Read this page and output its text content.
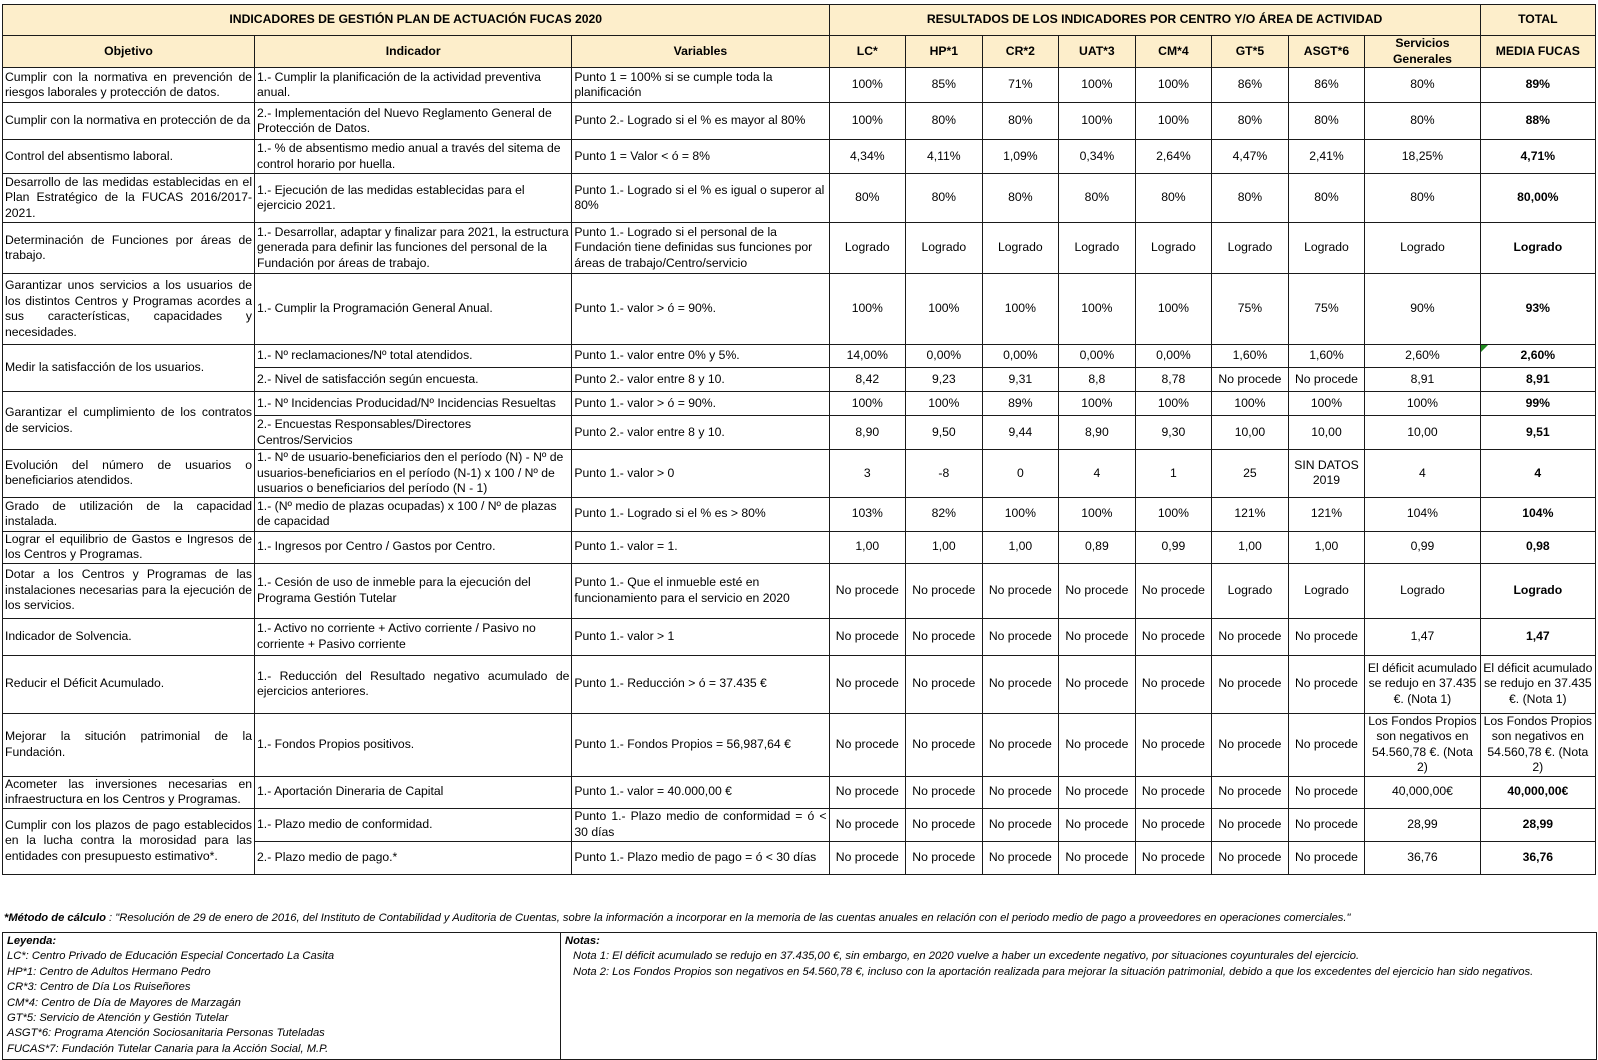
INDICADORES DE GESTIÓN PLAN DE ACTUACIÓN FUCAS 2020			RESULTADOS DE LOS INDICADORES POR CENTRO Y/O ÁREA DE ACTIVIDAD								TOTAL
Objetivo	Indicador	Variables	LC*	HP*1	CR*2	UAT*3	CM*4	GT*5	ASGT*6	Servicios Generales	MEDIA FUCAS
Cumplir con la normativa en prevención de riesgos laborales y protección de datos.	1.- Cumplir la planificación de la actividad preventiva anual.	Punto 1 = 100% si se cumple toda la planificación	100%	85%	71%	100%	100%	86%	86%	80%	89%
Cumplir con la normativa en protección de da	2.- Implementación del Nuevo Reglamento General de Protección de Datos.	Punto 2.- Logrado si el % es mayor al 80%	100%	80%	80%	100%	100%	80%	80%	80%	88%
Control del absentismo laboral.	1.- % de absentismo medio anual a través del sitema de control horario por huella.	Punto 1 = Valor < ó = 8%	4,34%	4,11%	1,09%	0,34%	2,64%	4,47%	2,41%	18,25%	4,71%
Desarrollo de las medidas establecidas en el Plan Estratégico de la FUCAS 2016/2017-2021.	1.- Ejecución de las medidas establecidas para el ejercicio 2021.	Punto 1.- Logrado si el % es igual o superor al 80%	80%	80%	80%	80%	80%	80%	80%	80%	80,00%
Determinación de Funciones por áreas de trabajo.	1.- Desarrollar, adaptar y finalizar para 2021, la estructura generada para definir las funciones del personal de la Fundación por áreas de trabajo.	Punto 1.- Logrado si el personal de la Fundación tiene definidas sus funciones por áreas de trabajo/Centro/servicio	Logrado	Logrado	Logrado	Logrado	Logrado	Logrado	Logrado	Logrado	Logrado
Garantizar unos servicios a los usuarios de los distintos Centros y Programas acordes a sus características, capacidades y necesidades.	1.- Cumplir la Programación General Anual.	Punto 1.- valor > ó = 90%.	100%	100%	100%	100%	100%	75%	75%	90%	93%
Medir la satisfacción de los usuarios.	1.- Nº reclamaciones/Nº total atendidos.	Punto 1.- valor entre 0% y 5%.	14,00%	0,00%	0,00%	0,00%	0,00%	1,60%	1,60%	2,60%	2,60%
	2.- Nivel de satisfacción según encuesta.	Punto 2.- valor entre 8 y 10.	8,42	9,23	9,31	8,8	8,78	No procede	No procede	8,91	8,91
Garantizar el cumplimiento de los contratos de servicios.	1.- Nº Incidencias Producidad/Nº Incidencias Resueltas	Punto 1.- valor > ó = 90%.	100%	100%	89%	100%	100%	100%	100%	100%	99%
	2.- Encuestas Responsables/Directores Centros/Servicios	Punto 2.- valor entre 8 y 10.	8,90	9,50	9,44	8,90	9,30	10,00	10,00	10,00	9,51
Evolución del número de usuarios o beneficiarios atendidos.	1.- Nº de usuario-beneficiarios den el período (N) - Nº de usuarios-beneficiarios en el período (N-1) x 100 / Nº de usuarios o beneficiarios del período (N - 1)	Punto 1.- valor > 0	3	-8	0	4	1	25	SIN DATOS 2019	4	4
Grado de utilización de la capacidad instalada.	1.- (Nº medio de plazas ocupadas) x 100 / Nº de plazas de capacidad	Punto 1.- Logrado si el % es > 80%	103%	82%	100%	100%	100%	121%	121%	104%	104%
Lograr el equilibrio de Gastos e Ingresos de los Centros y Programas.	1.- Ingresos por Centro / Gastos por Centro.	Punto 1.- valor = 1.	1,00	1,00	1,00	0,89	0,99	1,00	1,00	0,99	0,98
Dotar a los Centros y Programas de las instalaciones necesarias para la ejecución de los servicios.	1.- Cesión de uso de inmeble para la ejecución del Programa Gestión Tutelar	Punto 1.- Que el inmueble esté en funcionamiento para el servicio en 2020	No procede	No procede	No procede	No procede	No procede	Logrado	Logrado	Logrado	Logrado
Indicador de Solvencia.	1.- Activo no corriente + Activo corriente / Pasivo no corriente + Pasivo corriente	Punto 1.- valor > 1	No procede	No procede	No procede	No procede	No procede	No procede	No procede	1,47	1,47
Reducir el Déficit Acumulado.	1.- Reducción del Resultado negativo acumulado de ejercicios anteriores.	Punto 1.- Reducción > ó = 37.435 €	No procede	No procede	No procede	No procede	No procede	No procede	No procede	El déficit acumulado se redujo en 37.435 €. (Nota 1)	El déficit acumulado se redujo en 37.435 €. (Nota 1)
Mejorar la situción patrimonial de la Fundación.	1.- Fondos Propios positivos.	Punto 1.- Fondos Propios = 56,987,64 €	No procede	No procede	No procede	No procede	No procede	No procede	No procede	Los Fondos Propios son negativos en 54.560,78 €. (Nota 2)	Los Fondos Propios son negativos en 54.560,78 €. (Nota 2)
Acometer las inversiones necesarias en infraestructura en los Centros y Programas.	1.- Aportación Dineraria de Capital	Punto 1.- valor = 40.000,00 €	No procede	No procede	No procede	No procede	No procede	No procede	No procede	40,000,00€	40,000,00€
Cumplir con los plazos de pago establecidos en la lucha contra la morosidad para las entidades con presupuesto estimativo*.	1.- Plazo medio de conformidad.	Punto 1.- Plazo medio de conformidad = ó < 30 días	No procede	No procede	No procede	No procede	No procede	No procede	No procede	28,99	28,99
	2.- Plazo medio de pago.*	Punto 1.- Plazo medio de pago = ó < 30 días	No procede	No procede	No procede	No procede	No procede	No procede	No procede	36,76	36,76
*Método de cálculo : "Resolución de 29 de enero de 2016, del Instituto de Contabilidad y Auditoria de Cuentas, sobre la información a incorporar en la memoria de las cuentas anuales en relación con el periodo medio de pago a proveedores en operaciones comerciales."
Leyenda:
LC*: Centro Privado de Educación Especial Concertado La Casita
HP*1: Centro de Adultos Hermano Pedro
CR*3: Centro de Día Los Ruiseñores
CM*4: Centro de Día de Mayores de Marzagán
GT*5: Servicio de Atención y Gestión Tutelar
ASGT*6: Programa Atención Sociosanitaria Personas Tuteladas
FUCAS*7: Fundación Tutelar Canaria para la Acción Social, M.P.

Notas:
Nota 1: El déficit acumulado se redujo en 37.435,00 €, sin embargo, en 2020 vuelve a haber un excedente negativo, por situaciones coyunturales del ejercicio.
Nota 2: Los Fondos Propios son negativos en 54.560,78 €, incluso con la aportación realizada para mejorar la situación patrimonial, debido a que los excedentes del ejercicio han sido negativos.
